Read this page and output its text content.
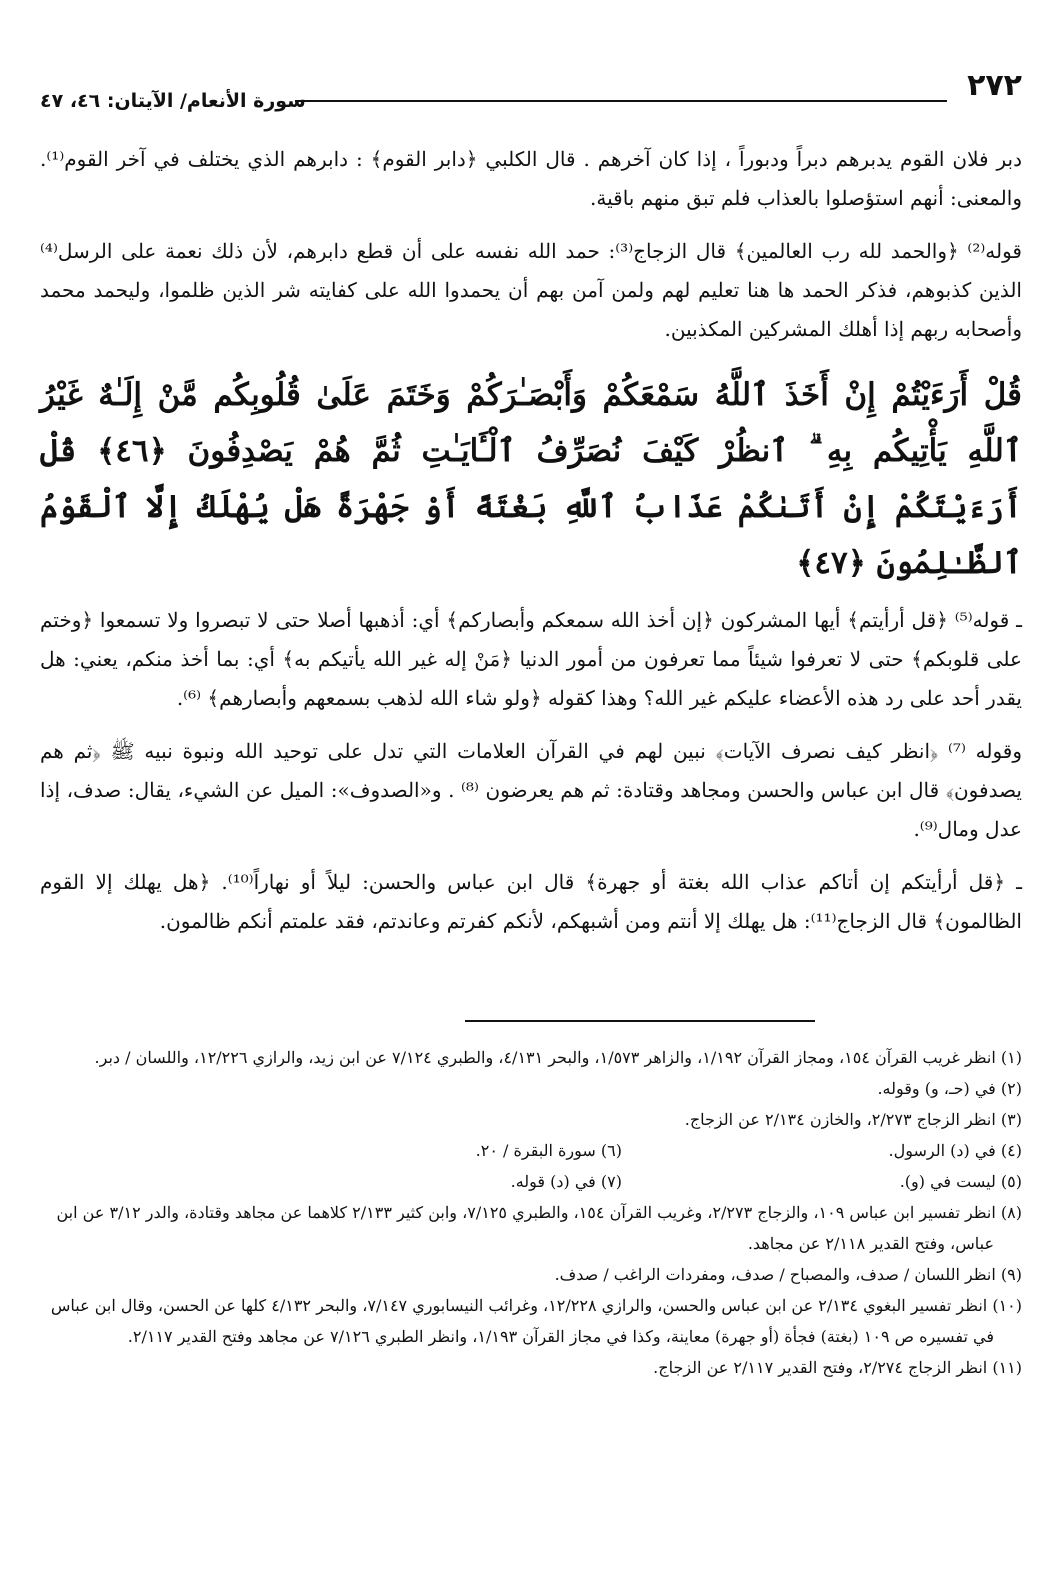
٢٧٢
سورة الأنعام/ الآيتان: ٤٦، ٤٧

دبر فلان القوم يدبرهم دبراً ودبوراً ، إذا كان آخرهم . قال الكلبي ﴿دابر القوم﴾ : دابرهم الذي يختلف في آخر القوم⁽¹⁾. والمعنى: أنهم استؤصلوا بالعذاب فلم تبق منهم باقية.

قوله⁽²⁾ ﴿والحمد لله رب العالمين﴾ قال الزجاج⁽³⁾: حمد الله نفسه على أن قطع دابرهم، لأن ذلك نعمة على الرسل⁽⁴⁾ الذين كذبوهم، فذكر الحمد ها هنا تعليم لهم ولمن آمن بهم أن يحمدوا الله على كفايته شر الذين ظلموا، وليحمد محمد وأصحابه ربهم إذا أهلك المشركين المكذبين.

قُلْ أَرَءَيْتُمْ إِنْ أَخَذَ ٱللَّهُ سَمْعَكُمْ وَأَبْصَـٰرَكُمْ وَخَتَمَ عَلَىٰ قُلُوبِكُم مَّنْ إِلَـٰهٌ غَيْرُ ٱللَّهِ يَأْتِيكُم بِهِ ۗ ٱنظُرْ كَيْفَ نُصَرِّفُ ٱلْـَٔايَـٰتِ ثُمَّ هُمْ يَصْدِفُونَ ﴿٤٦﴾ قُلْ أَرَءَيْتَكُمْ إِنْ أَتَىٰكُمْ عَذَابُ ٱللَّهِ بَغْتَةً أَوْ جَهْرَةً هَلْ يُهْلَكُ إِلَّا ٱلْقَوْمُ ٱلظَّـٰلِمُونَ ﴿٤٧﴾

ـ قوله⁽⁵⁾ ﴿قل أرأيتم﴾ أيها المشركون ﴿إن أخذ الله سمعكم وأبصاركم﴾ أي: أذهبها أصلا حتى لا تبصروا ولا تسمعوا ﴿وختم على قلوبكم﴾ حتى لا تعرفوا شيئاً مما تعرفون من أمور الدنيا ﴿مَنْ إله غير الله يأتيكم به﴾ أي: بما أخذ منكم، يعني: هل يقدر أحد على رد هذه الأعضاء عليكم غير الله؟ وهذا كقوله ﴿ولو شاء الله لذهب بسمعهم وأبصارهم﴾ ⁽⁶⁾.

وقوله ⁽⁷⁾ ﴿انظر كيف نصرف الآيات﴾ نبين لهم في القرآن العلامات التي تدل على توحيد الله ونبوة نبيه ﷺ ﴿ثم هم يصدفون﴾ قال ابن عباس والحسن ومجاهد وقتادة: ثم هم يعرضون ⁽⁸⁾ . و«الصدوف»: الميل عن الشيء، يقال: صدف، إذا عدل ومال⁽⁹⁾.

ـ ﴿قل أرأيتكم إن أتاكم عذاب الله بغتة أو جهرة﴾ قال ابن عباس والحسن: ليلاً أو نهاراً⁽¹⁰⁾. ﴿هل يهلك إلا القوم الظالمون﴾ قال الزجاج⁽¹¹⁾: هل يهلك إلا أنتم ومن أشبهكم، لأنكم كفرتم وعاندتم، فقد علمتم أنكم ظالمون.

(١) انظر غريب القرآن ١٥٤، ومجاز القرآن ١/١٩٢، والزاهر ١/٥٧٣، والبحر ٤/١٣١، والطبري ٧/١٢٤ عن ابن زيد، والرازي ١٢/٢٢٦، واللسان / دبر.

(٢) في (حـ، و) وقوله.

(٣) انظر الزجاج ٢/٢٧٣، والخازن ٢/١٣٤ عن الزجاج.

(٤) في (د) الرسول.
(٦) سورة البقرة / ٢٠.
(٥) ليست في (و).
(٧) في (د) قوله.

(٨) انظر تفسير ابن عباس ١٠٩، والزجاج ٢/٢٧٣، وغريب القرآن ١٥٤، والطبري ٧/١٢٥، وابن كثير ٢/١٣٣ كلاهما عن مجاهد وقتادة، والدر ٣/١٢ عن ابن عباس، وفتح القدير ٢/١١٨ عن مجاهد.

(٩) انظر اللسان / صدف، والمصباح / صدف، ومفردات الراغب / صدف.

(١٠) انظر تفسير البغوي ٢/١٣٤ عن ابن عباس والحسن، والرازي ١٢/٢٢٨، وغرائب النيسابوري ٧/١٤٧، والبحر ٤/١٣٢ كلها عن الحسن، وقال ابن عباس في تفسيره ص ١٠٩ (بغتة) فجأة (أو جهرة) معاينة، وكذا في مجاز القرآن ١/١٩٣، وانظر الطبري ٧/١٢٦ عن مجاهد وفتح القدير ٢/١١٧.

(١١) انظر الزجاج ٢/٢٧٤، وفتح القدير ٢/١١٧ عن الزجاج.
